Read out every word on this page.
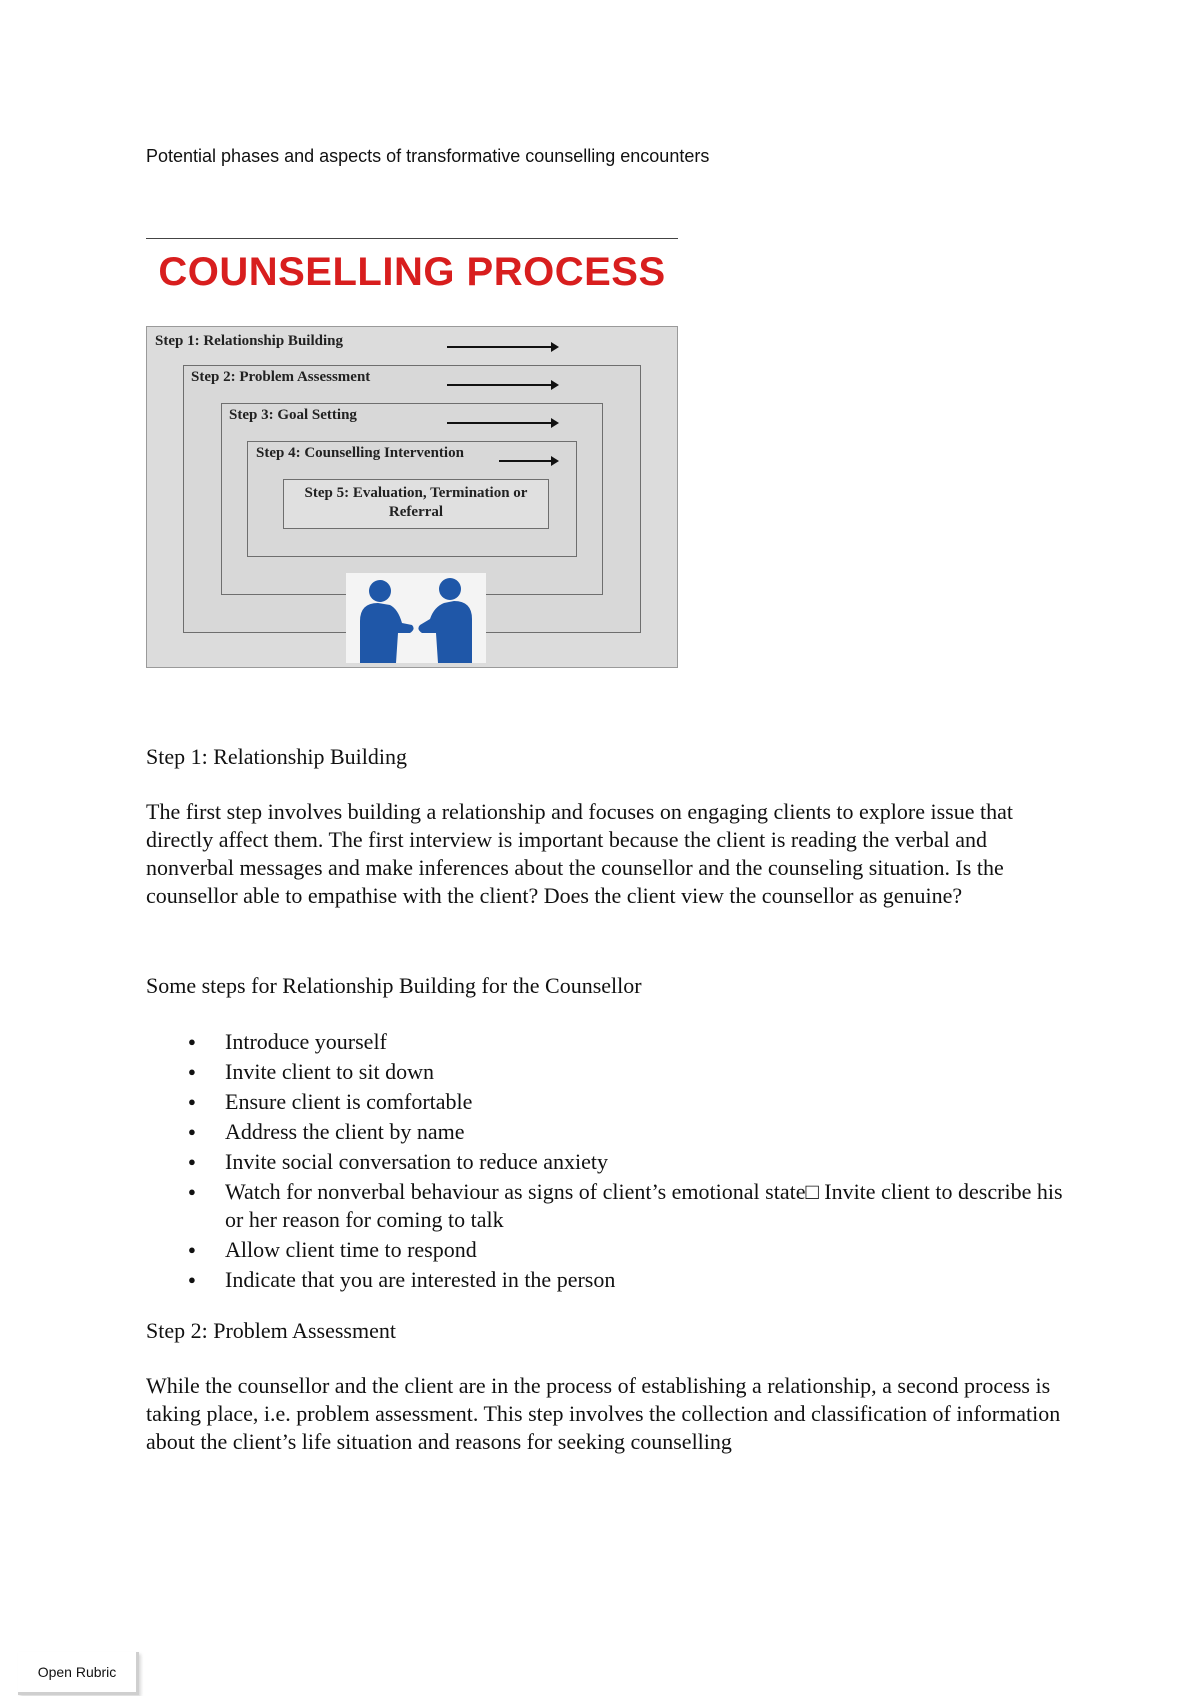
Potential phases and aspects of transformative counselling encounters
COUNSELLING PROCESS
Step 5: Evaluation, Termination or Referral
Step 1: Relationship Building
Step 2: Problem Assessment
Step 3: Goal Setting
Step 4: Counselling Intervention
Step 1: Relationship Building

The first step involves building a relationship and focuses on engaging clients to explore issue that directly affect them. The first interview is important because the client is reading the verbal and nonverbal messages and make inferences about the counsellor and the counseling situation. Is the counsellor able to empathise with the client? Does the client view the counsellor as genuine?

Some steps for Relationship Building for the Counsellor

● Introduce yourself
● Invite client to sit down
● Ensure client is comfortable
● Address the client by name
● Invite social conversation to reduce anxiety
● Watch for nonverbal behaviour as signs of client’s emotional state□ Invite client to describe his or her reason for coming to talk
● Allow client time to respond
● Indicate that you are interested in the person
Step 2: Problem Assessment

While the counsellor and the client are in the process of establishing a relationship, a second process is taking place, i.e. problem assessment. This step involves the collection and classification of information about the client’s life situation and reasons for seeking counselling

Open Rubric
